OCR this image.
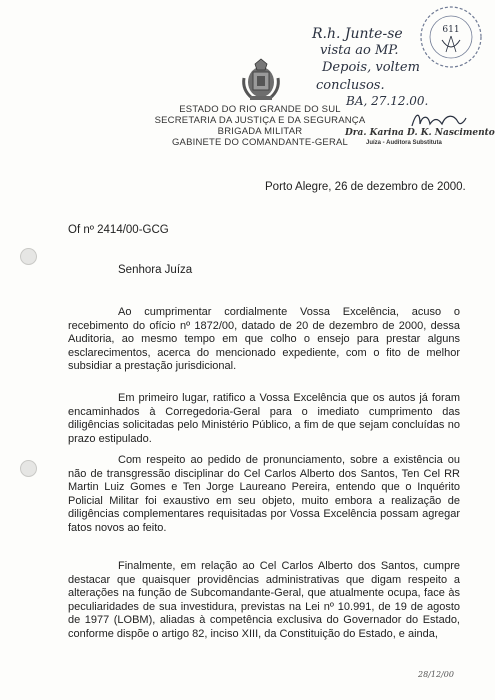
ESTADO DO RIO GRANDE DO SUL
SECRETARIA DA JUSTIÇA E DA SEGURANÇA
BRIGADA MILITAR
GABINETE DO COMANDANTE-GERAL
611
R.h. Junte-se
vista ao MP.
Depois, voltem
conclusos.
BA, 27.12.00.
Dra. Karina D. K. Nascimento
Juíza - Auditora Substituta
Porto Alegre, 26 de dezembro de 2000.
Of nº 2414/00-GCG
Senhora Juíza

Ao cumprimentar cordialmente Vossa Excelência, acuso o recebimento do ofício nº 1872/00, datado de 20 de dezembro de 2000, dessa Auditoria, ao mesmo tempo em que colho o ensejo para prestar alguns esclarecimentos, acerca do mencionado expediente, com o fito de melhor subsidiar a prestação jurisdicional.

Em primeiro lugar, ratifico a Vossa Excelência que os autos já foram encaminhados à Corregedoria-Geral para o imediato cumprimento das diligências solicitadas pelo Ministério Público, a fim de que sejam concluídas no prazo estipulado.

Com respeito ao pedido de pronunciamento, sobre a existência ou não de transgressão disciplinar do Cel Carlos Alberto dos Santos, Ten Cel RR Martin Luiz Gomes e Ten Jorge Laureano Pereira, entendo que o Inquérito Policial Militar foi exaustivo em seu objeto, muito embora a realização de diligências complementares requisitadas por Vossa Excelência possam agregar fatos novos ao feito.

Finalmente, em relação ao Cel Carlos Alberto dos Santos, cumpre destacar que quaisquer providências administrativas que digam respeito a alterações na função de Subcomandante-Geral, que atualmente ocupa, face às peculiaridades de sua investidura, previstas na Lei nº 10.991, de 19 de agosto de 1977 (LOBM), aliadas à competência exclusiva do Governador do Estado, conforme dispõe o artigo 82, inciso XIII, da Constituição do Estado, e ainda,

28/12/00
